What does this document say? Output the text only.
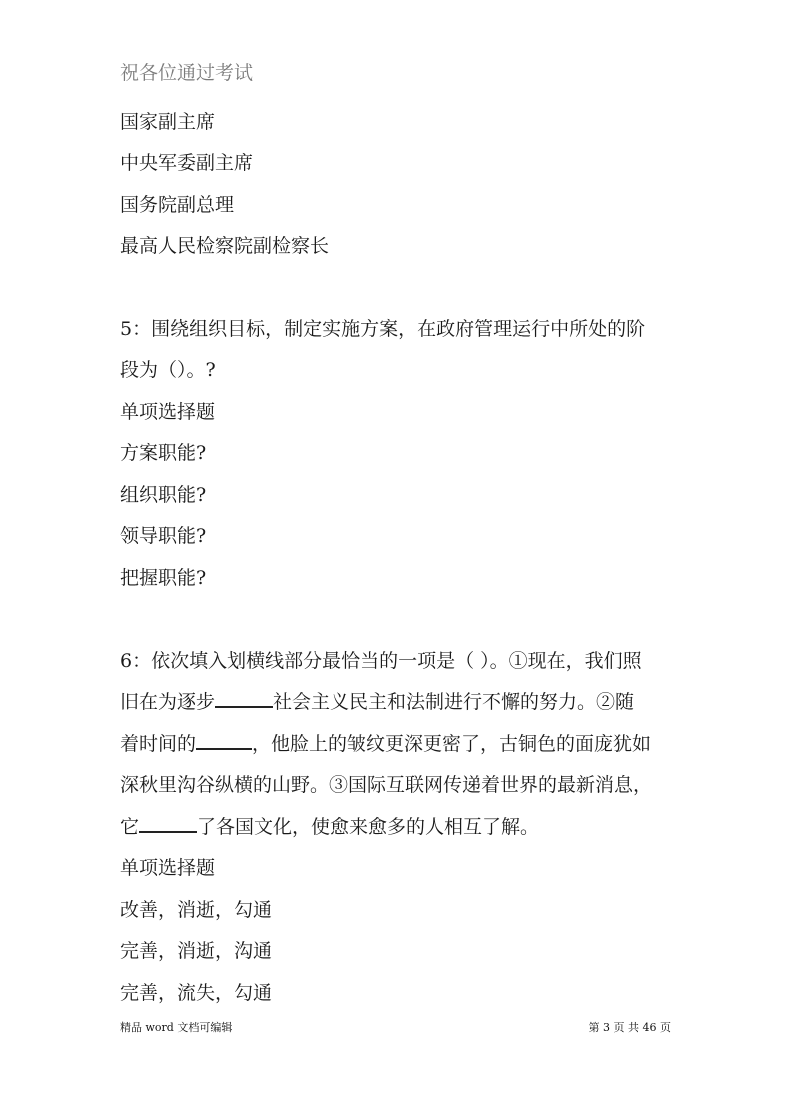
祝各位通过考试
国家副主席
中央军委副主席
国务院副总理
最高人民检察院副检察长
5：围绕组织目标，制定实施方案，在政府管理运行中所处的阶
段为（）。?
单项选择题
方案职能?
组织职能?
领导职能?
把握职能?
6：依次填入划横线部分最恰当的一项是（ ）。①现在，我们照
旧在为逐步	社会主义民主和法制进行不懈的努力。②随
着时间的	，他脸上的皱纹更深更密了，古铜色的面庞犹如
深秋里沟谷纵横的山野。③国际互联网传递着世界的最新消息，
它	了各国文化，使愈来愈多的人相互了解。
单项选择题
改善，消逝，勾通
完善，消逝，沟通
完善，流失，勾通
精品 word 文档可编辑	第 3 页 共 46 页
